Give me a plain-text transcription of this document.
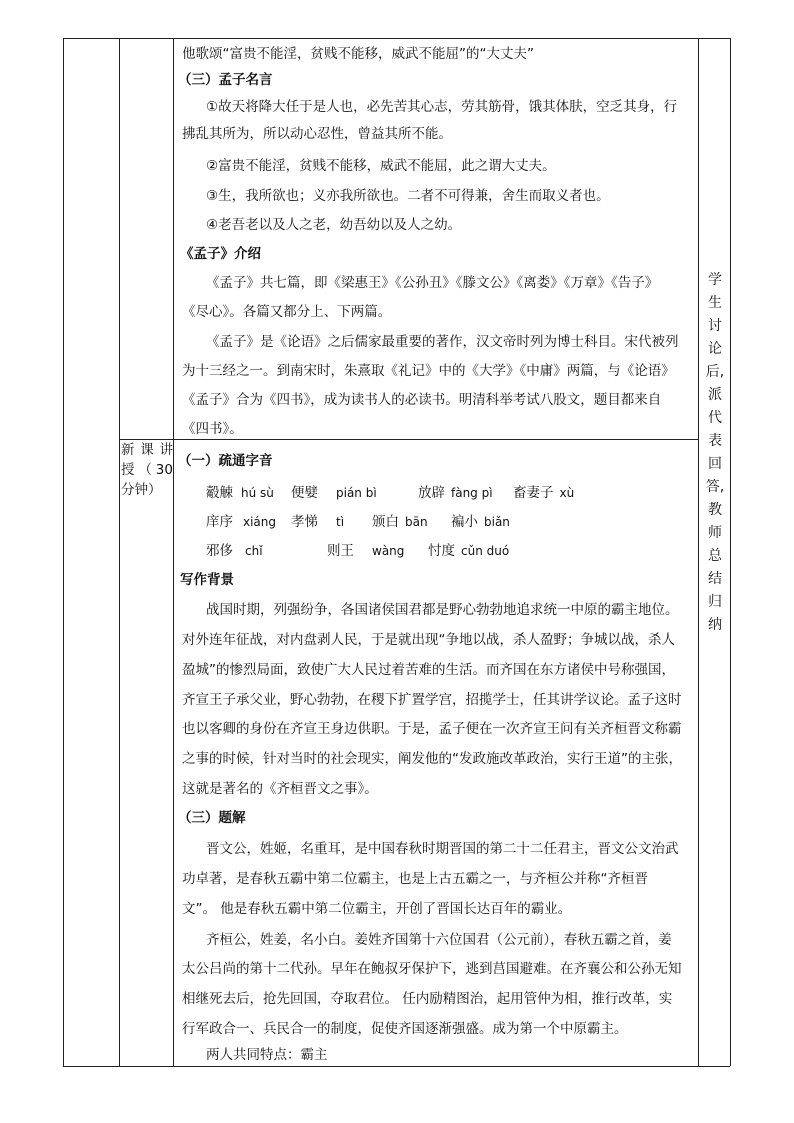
他歌颂“富贵不能淫，贫贱不能移，威武不能屈”的“大丈夫”
（三）孟子名言
①故天将降大任于是人也，必先苦其心志，劳其筋骨，饿其体肤，空乏其身，行
拂乱其所为，所以动心忍性，曾益其所不能。
②富贵不能淫，贫贱不能移，威武不能屈，此之谓大丈夫。
③生，我所欲也；义亦我所欲也。二者不可得兼，舍生而取义者也。
④老吾老以及人之老，幼吾幼以及人之幼。
《孟子》介绍
《孟子》共七篇，即《梁惠王》《公孙丑》《滕文公》《离娄》《万章》《告子》
《尽心》。各篇又都分上、下两篇。
《孟子》是《论语》之后儒家最重要的著作，汉文帝时列为博士科目。宋代被列
为十三经之一。到南宋时，朱熹取《礼记》中的《大学》《中庸》两篇，与《论语》
《孟子》合为《四书》，成为读书人的必读书。明清科举考试八股文，题目都来自
《四书》。
新课讲授（30分钟）
（一）疏通字音
觳觫 hú sù 便嬖 pián bì	放辟 fàng pì 畜妻子 xù
庠序 xiáng 孝悌 tì 颁白 bān 褊小 biǎn
邪侈 chǐ	则王 wàng 忖度 cǔn duó
写作背景
战国时期，列强纷争，各国诸侯国君都是野心勃勃地追求统一中原的霸主地位。
对外连年征战，对内盘剥人民，于是就出现“争地以战，杀人盈野；争城以战，杀人
盈城”的惨烈局面，致使广大人民过着苦难的生活。而齐国在东方诸侯中号称强国，
齐宣王子承父业，野心勃勃，在稷下扩置学宫，招揽学士，任其讲学议论。孟子这时
也以客卿的身份在齐宣王身边供职。于是，孟子便在一次齐宣王问有关齐桓晋文称霸
之事的时候，针对当时的社会现实，阐发他的“发政施改革政治，实行王道”的主张，
这就是著名的《齐桓晋文之事》。
（三）题解
晋文公，姓姬，名重耳，是中国春秋时期晋国的第二十二任君主，晋文公文治武
功卓著，是春秋五霸中第二位霸主，也是上古五霸之一，与齐桓公并称“齐桓晋
文”。 他是春秋五霸中第二位霸主，开创了晋国长达百年的霸业。
齐桓公，姓姜，名小白。姜姓齐国第十六位国君（公元前），春秋五霸之首，姜
太公吕尚的第十二代孙。早年在鲍叔牙保护下，逃到莒国避难。在齐襄公和公孙无知
相继死去后，抢先回国，夺取君位。 任内励精图治，起用管仲为相，推行改革，实
行军政合一、兵民合一的制度，促使齐国逐渐强盛。成为第一个中原霸主。
两人共同特点：霸主
学
生
讨
论
后,
派
代
表
回
答,
教
师
总
结
归
纳
